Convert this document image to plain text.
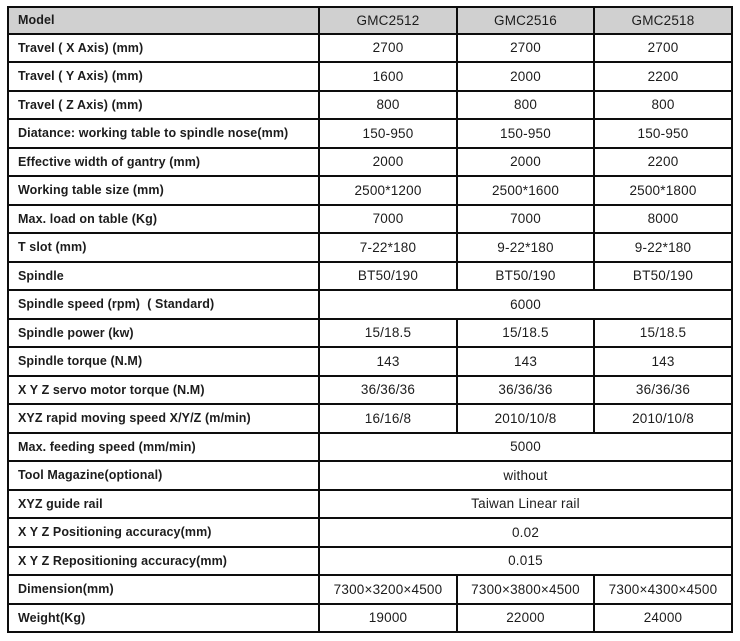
Model	GMC2512	GMC2516	GMC2518
Travel ( X Axis) (mm)	2700	2700	2700
Travel ( Y Axis) (mm)	1600	2000	2200
Travel ( Z Axis) (mm)	800	800	800
Diatance: working table to spindle nose(mm)	150-950	150-950	150-950
Effective width of gantry (mm)	2000	2000	2200
Working table size (mm)	2500*1200	2500*1600	2500*1800
Max. load on table (Kg)	7000	7000	8000
T slot (mm)	7-22*180	9-22*180	9-22*180
Spindle	BT50/190	BT50/190	BT50/190
Spindle speed (rpm)  ( Standard)	6000		
Spindle power (kw)	15/18.5	15/18.5	15/18.5
Spindle torque (N.M)	143	143	143
X Y Z servo motor torque (N.M)	36/36/36	36/36/36	36/36/36
XYZ rapid moving speed X/Y/Z (m/min)	16/16/8	2010/10/8	2010/10/8
Max. feeding speed (mm/min)	5000		
Tool Magazine(optional)	without		
XYZ guide rail	Taiwan Linear rail		
X Y Z Positioning accuracy(mm)	0.02		
X Y Z Repositioning accuracy(mm)	0.015		
Dimension(mm)	7300×3200×4500	7300×3800×4500	7300×4300×4500
Weight(Kg)	19000	22000	24000
